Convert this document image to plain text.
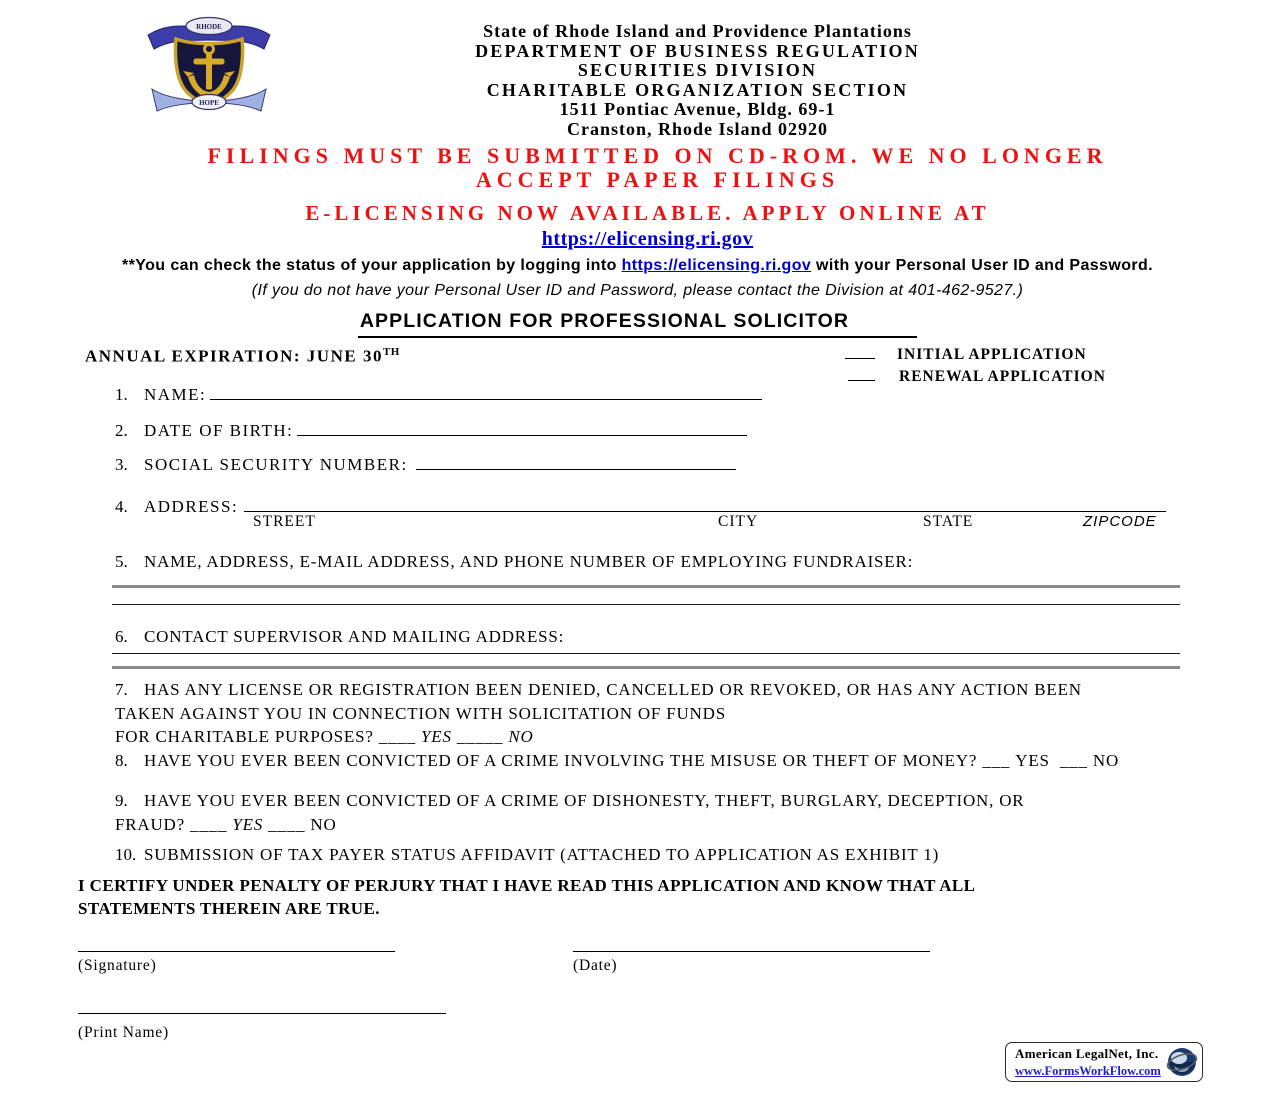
RHODE
HOPE
State of Rhode Island and Providence Plantations
DEPARTMENT OF BUSINESS REGULATION
SECURITIES DIVISION
CHARITABLE ORGANIZATION SECTION
1511 Pontiac Avenue, Bldg. 69-1
Cranston, Rhode Island 02920
FILINGS MUST BE SUBMITTED ON CD-ROM. WE NO LONGER
ACCEPT PAPER FILINGS
E-LICENSING NOW AVAILABLE. APPLY ONLINE AT
https://elicensing.ri.gov
**You can check the status of your application by logging into https://elicensing.ri.gov with your Personal User ID and Password.
(If you do not have your Personal User ID and Password, please contact the Division at 401-462-9527.)
APPLICATION FOR PROFESSIONAL SOLICITOR
ANNUAL EXPIRATION: JUNE 30TH	INITIAL APPLICATION
RENEWAL APPLICATION
1. NAME:
2. DATE OF BIRTH:
3. SOCIAL SECURITY NUMBER:
4. ADDRESS:
STREET	CITY	STATE	ZIPCODE
5. NAME, ADDRESS, E-MAIL ADDRESS, AND PHONE NUMBER OF EMPLOYING FUNDRAISER:
6. CONTACT SUPERVISOR AND MAILING ADDRESS:
7. HAS ANY LICENSE OR REGISTRATION BEEN DENIED, CANCELLED OR REVOKED, OR HAS ANY ACTION BEEN
TAKEN AGAINST YOU IN CONNECTION WITH SOLICITATION OF FUNDS
FOR CHARITABLE PURPOSES? ____ YES _____ NO
8. HAVE YOU EVER BEEN CONVICTED OF A CRIME INVOLVING THE MISUSE OR THEFT OF MONEY? ___ YES ___ NO
9. HAVE YOU EVER BEEN CONVICTED OF A CRIME OF DISHONESTY, THEFT, BURGLARY, DECEPTION, OR
FRAUD? ____ YES ____ NO
10. SUBMISSION OF TAX PAYER STATUS AFFIDAVIT (ATTACHED TO APPLICATION AS EXHIBIT 1)
I CERTIFY UNDER PENALTY OF PERJURY THAT I HAVE READ THIS APPLICATION AND KNOW THAT ALL
STATEMENTS THEREIN ARE TRUE.
(Signature)	(Date)
(Print Name)
American LegalNet, Inc.
www.FormsWorkFlow.com
